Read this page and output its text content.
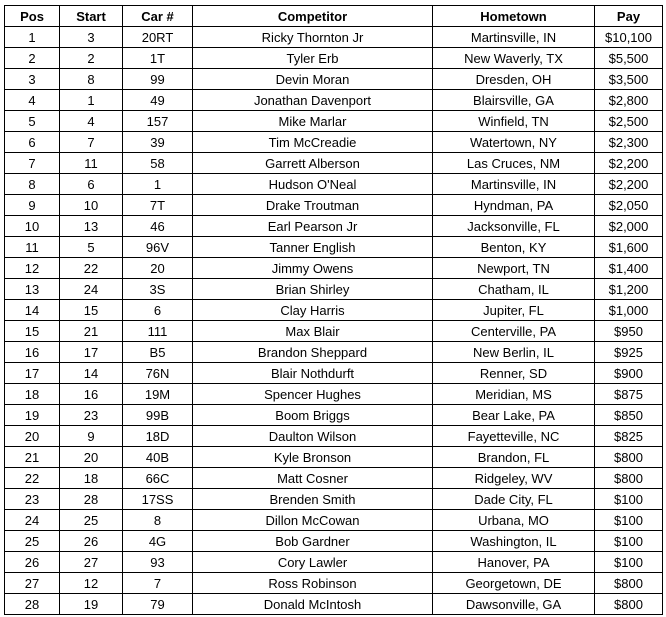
Pos	Start	Car #	Competitor	Hometown	Pay
1	3	20RT	Ricky Thornton Jr	Martinsville, IN	$10,100
2	2	1T	Tyler Erb	New Waverly, TX	$5,500
3	8	99	Devin Moran	Dresden, OH	$3,500
4	1	49	Jonathan Davenport	Blairsville, GA	$2,800
5	4	157	Mike Marlar	Winfield, TN	$2,500
6	7	39	Tim McCreadie	Watertown, NY	$2,300
7	11	58	Garrett Alberson	Las Cruces, NM	$2,200
8	6	1	Hudson O'Neal	Martinsville, IN	$2,200
9	10	7T	Drake Troutman	Hyndman, PA	$2,050
10	13	46	Earl Pearson Jr	Jacksonville, FL	$2,000
11	5	96V	Tanner English	Benton, KY	$1,600
12	22	20	Jimmy Owens	Newport, TN	$1,400
13	24	3S	Brian Shirley	Chatham, IL	$1,200
14	15	6	Clay Harris	Jupiter, FL	$1,000
15	21	111	Max Blair	Centerville, PA	$950
16	17	B5	Brandon Sheppard	New Berlin, IL	$925
17	14	76N	Blair Nothdurft	Renner, SD	$900
18	16	19M	Spencer Hughes	Meridian, MS	$875
19	23	99B	Boom Briggs	Bear Lake, PA	$850
20	9	18D	Daulton Wilson	Fayetteville, NC	$825
21	20	40B	Kyle Bronson	Brandon, FL	$800
22	18	66C	Matt Cosner	Ridgeley, WV	$800
23	28	17SS	Brenden Smith	Dade City, FL	$100
24	25	8	Dillon McCowan	Urbana, MO	$100
25	26	4G	Bob Gardner	Washington, IL	$100
26	27	93	Cory Lawler	Hanover, PA	$100
27	12	7	Ross Robinson	Georgetown, DE	$800
28	19	79	Donald McIntosh	Dawsonville, GA	$800
